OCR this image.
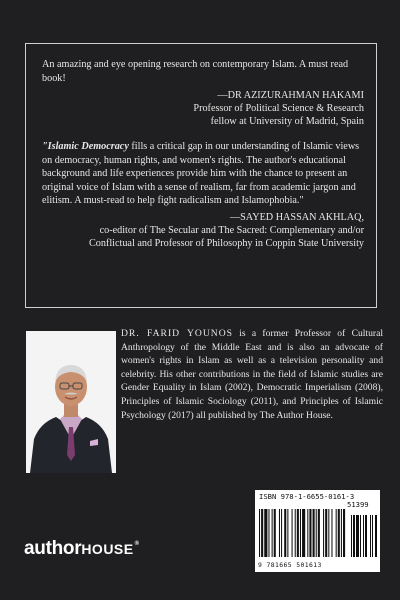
An amazing and eye opening research on contemporary Islam. A must read book!

—DR AZIZURAHMAN HAKAMI
Professor of Political Science & Research
fellow at University of Madrid, Spain

"Islamic Democracy fills a critical gap in our understanding of Islamic views on democracy, human rights, and women's rights. The author's educational background and life experiences provide him with the chance to present an original voice of Islam with a sense of realism, far from academic jargon and elitism. A must-read to help fight radicalism and Islamophobia."

—SAYED HASSAN AKHLAQ,
co-editor of The Secular and The Sacred: Complementary and/or
Conflictual and Professor of Philosophy in Coppin State University
DR. FARID YOUNOS is a former Professor of Cultural Anthropology of the Middle East and is also an advocate of women's rights in Islam as well as a television personality and celebrity. His other contributions in the field of Islamic studies are Gender Equality in Islam (2002), Democratic Imperialism (2008), Principles of Islamic Sociology (2011), and Principles of Islamic Psychology (2017) all published by The Author House.
authorHOUSE®
ISBN 978-1-6655-0161-3
51399
9 781665 501613
